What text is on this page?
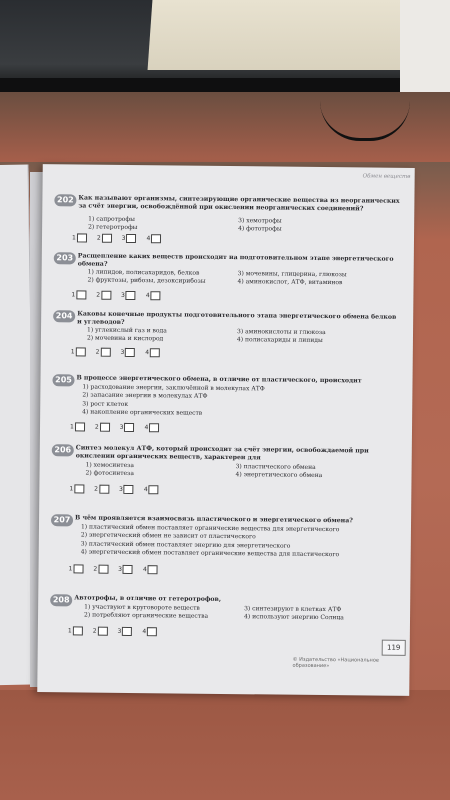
Обмен веществ
202 Как называют организмы, синтезирующие органические вещества из неорганических за счёт энергии, освобождённой при окислении неорганических соединений?
1) сапротрофы
2) гетеротрофы
3) хемотрофы
4) фототрофы
1	2	3	4
203 Расщепление каких веществ происходит на подготовительном этапе энергетического обмена?
1) липидов, полисахаридов, белков
2) фруктозы, рибозы, дезоксирибозы
3) мочевины, глицерина, глюкозы
4) аминокислот, АТФ, витаминов
1	2	3	4
204 Каковы конечные продукты подготовительного этапа энергетического обмена белков и углеводов?
1) углекислый газ и вода
2) мочевина и кислород
3) аминокислоты и глюкоза
4) полисахариды и липиды
1	2	3	4
205 В процессе энергетического обмена, в отличие от пластического, происходит
1) расходование энергии, заключённой в молекулах АТФ
2) запасание энергии в молекулах АТФ
3) рост клеток
4) накопление органических веществ
1	2	3	4
206 Синтез молекул АТФ, который происходит за счёт энергии, освобождаемой при окислении органических веществ, характерен для
1) хемосинтеза
2) фотосинтеза
3) пластического обмена
4) энергетического обмена
1	2	3	4
207 В чём проявляется взаимосвязь пластического и энергетического обмена?
1) пластический обмен поставляет органические вещества для энергетического
2) энергетический обмен не зависит от пластического
3) пластический обмен поставляет энергию для энергетического
4) энергетический обмен поставляет органические вещества для пластического
1	2	3	4
208 Автотрофы, в отличие от гетеротрофов,
1) участвуют в круговороте веществ
2) потребляют органические вещества
3) синтезируют в клетках АТФ
4) используют энергию Солнца
1	2	3	4
119
© Издательство «Национальное образование»
